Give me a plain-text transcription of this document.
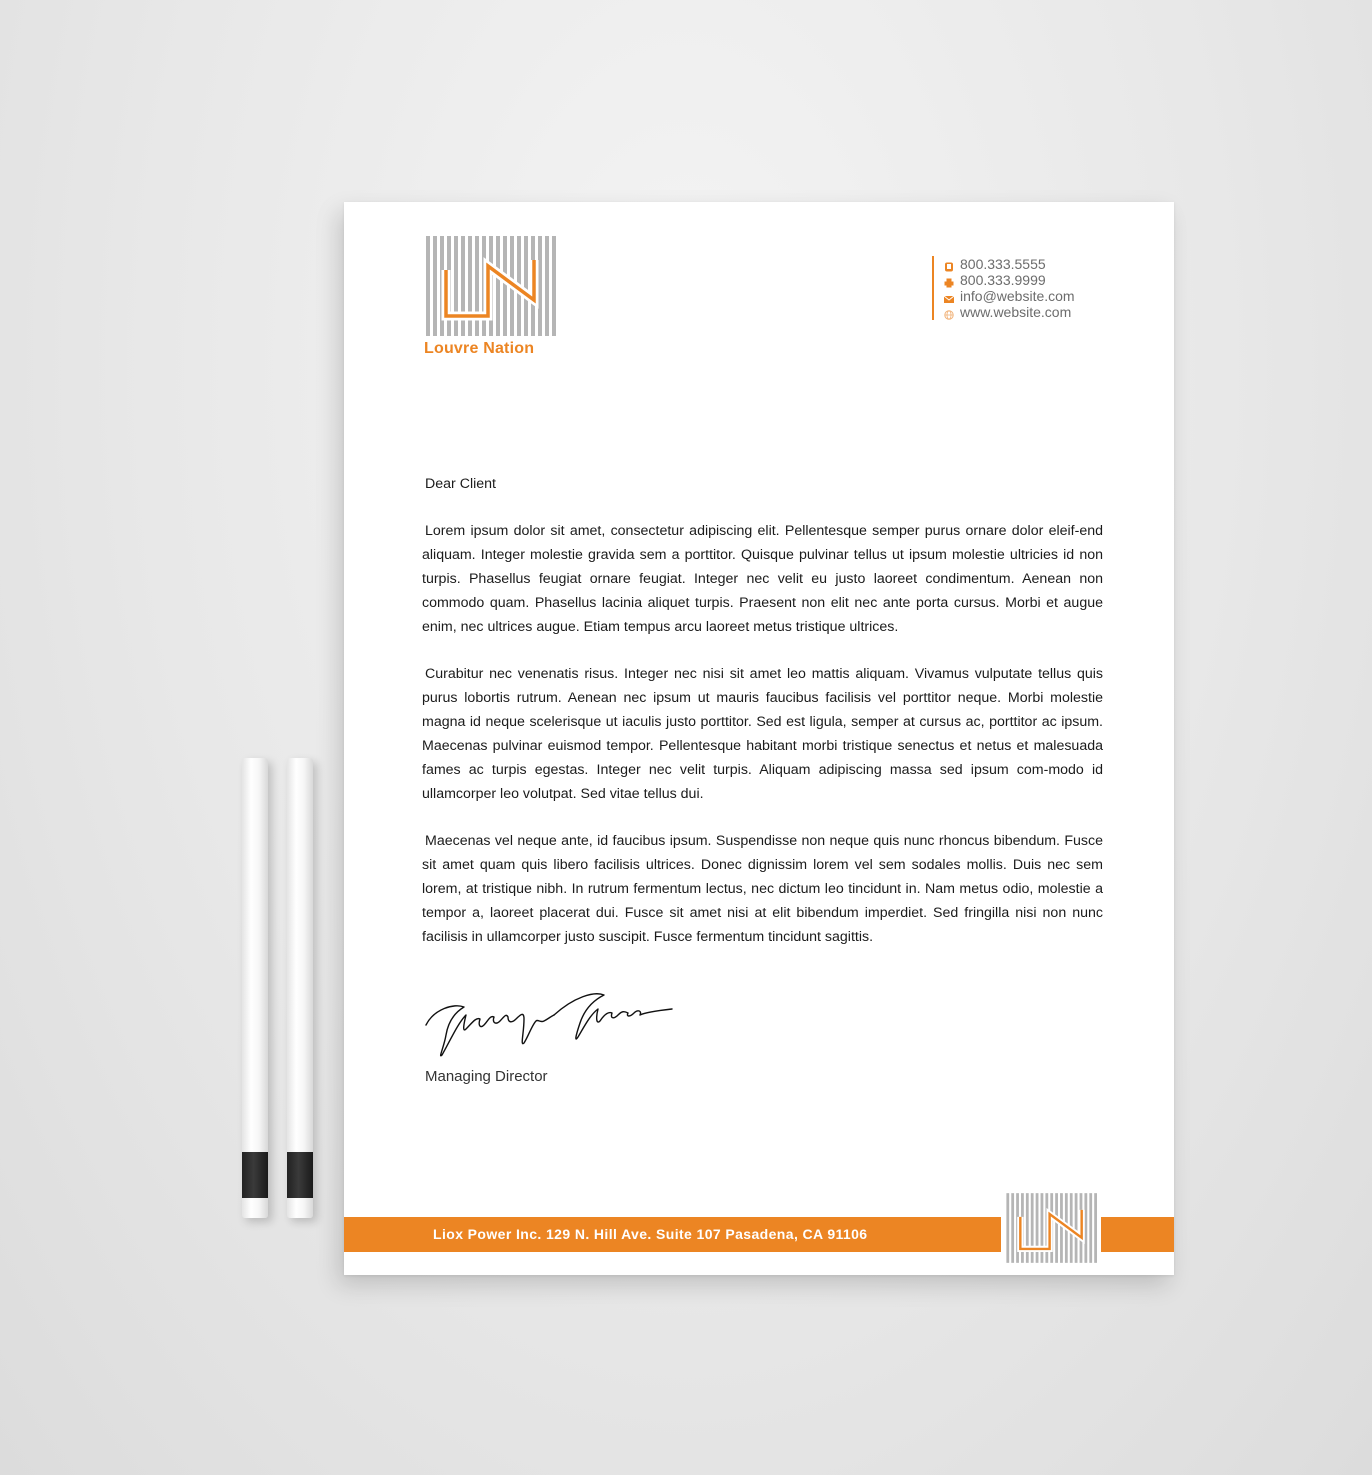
Louvre Nation
800.333.5555
800.333.9999
info@website.com
www.website.com
Dear Client

Lorem ipsum dolor sit amet, consectetur adipiscing elit. Pellentesque semper purus ornare dolor eleif-end aliquam. Integer molestie gravida sem a porttitor. Quisque pulvinar tellus ut ipsum molestie ultricies id non turpis. Phasellus feugiat ornare feugiat. Integer nec velit eu justo laoreet condimentum. Aenean non commodo quam. Phasellus lacinia aliquet turpis. Praesent non elit nec ante porta cursus. Morbi et augue enim, nec ultrices augue. Etiam tempus arcu laoreet metus tristique ultrices.

Curabitur nec venenatis risus. Integer nec nisi sit amet leo mattis aliquam. Vivamus vulputate tellus quis purus lobortis rutrum. Aenean nec ipsum ut mauris faucibus facilisis vel porttitor neque. Morbi molestie magna id neque scelerisque ut iaculis justo porttitor. Sed est ligula, semper at cursus ac, porttitor ac ipsum. Maecenas pulvinar euismod tempor. Pellentesque habitant morbi tristique senectus et netus et malesuada fames ac turpis egestas. Integer nec velit turpis. Aliquam adipiscing massa sed ipsum com-modo id ullamcorper leo volutpat. Sed vitae tellus dui.

Maecenas vel neque ante, id faucibus ipsum. Suspendisse non neque quis nunc rhoncus bibendum. Fusce sit amet quam quis libero facilisis ultrices. Donec dignissim lorem vel sem sodales mollis. Duis nec sem lorem, at tristique nibh. In rutrum fermentum lectus, nec dictum leo tincidunt in. Nam metus odio, molestie a tempor a, laoreet placerat dui. Fusce sit amet nisi at elit bibendum imperdiet. Sed fringilla nisi non nunc facilisis in ullamcorper justo suscipit. Fusce fermentum tincidunt sagittis.

Managing Director
Liox Power Inc. 129 N. Hill Ave. Suite 107 Pasadena, CA 91106
